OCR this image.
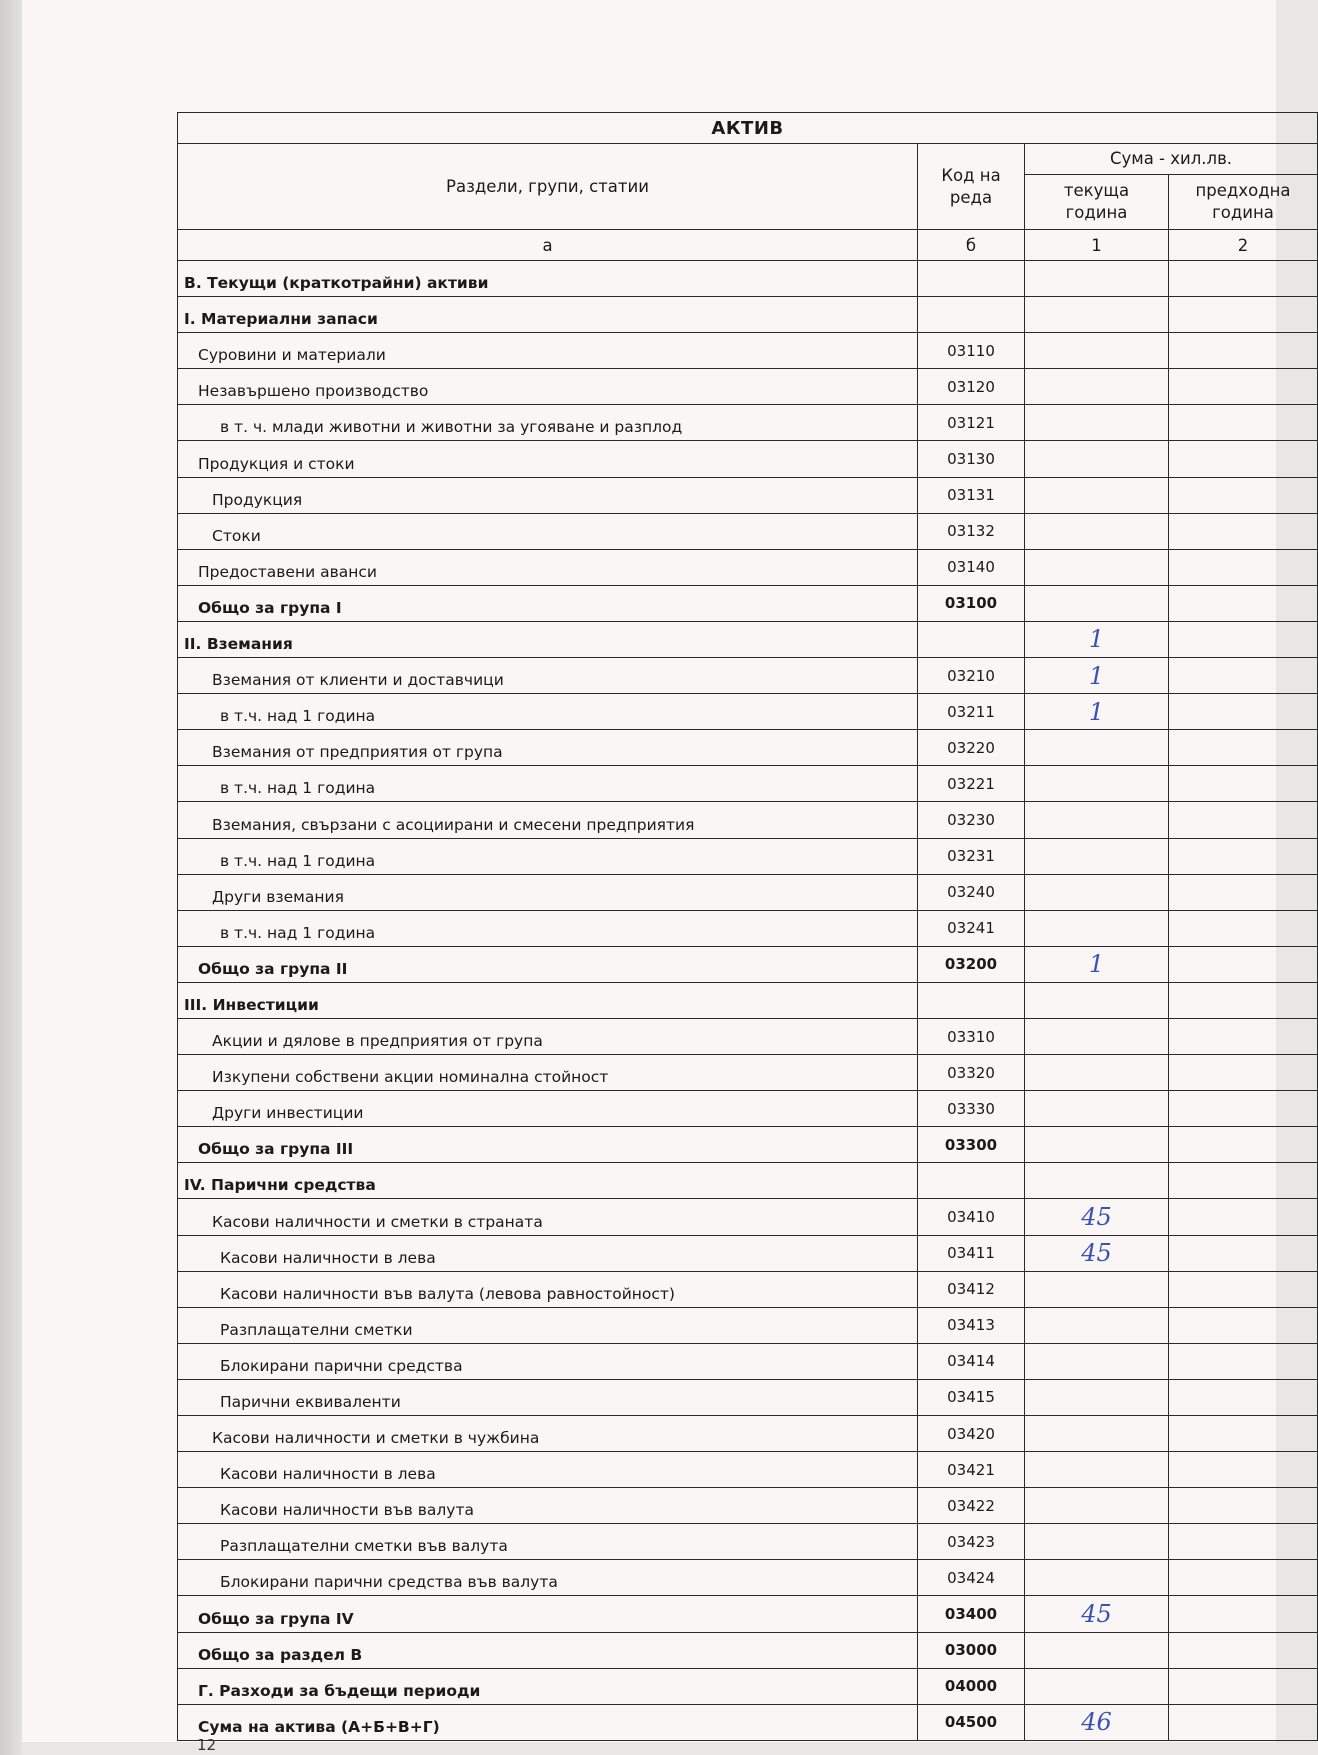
АКТИВ			
Раздели, групи, статии	Код на реда	Сума - хил.лв.	
		текуща година	предходна година
а	б	1	2
В. Текущи (краткотрайни) активи			
I. Материални запаси			
Суровини и материали	03110		
Незавършено производство	03120		
в т. ч. млади животни и животни за угояване и разплод	03121		
Продукция и стоки	03130		
Продукция	03131		
Стоки	03132		
Предоставени аванси	03140		
Общо за група I	03100		
II. Вземания		1	
Вземания от клиенти и доставчици	03210	1	
в т.ч. над 1 година	03211	1	
Вземания от предприятия от група	03220		
в т.ч. над 1 година	03221		
Вземания, свързани с асоциирани и смесени предприятия	03230		
в т.ч. над 1 година	03231		
Други вземания	03240		
в т.ч. над 1 година	03241		
Общо за група II	03200	1	
III. Инвестиции			
Акции и дялове в предприятия от група	03310		
Изкупени собствени акции номинална стойност	03320		
Други инвестиции	03330		
Общо за група III	03300		
IV. Парични средства			
Касови наличности и сметки в страната	03410	45	
Касови наличности в лева	03411	45	
Касови наличности във валута (левова равностойност)	03412		
Разплащателни сметки	03413		
Блокирани парични средства	03414		
Парични еквиваленти	03415		
Касови наличности и сметки в чужбина	03420		
Касови наличности в лева	03421		
Касови наличности във валута	03422		
Разплащателни сметки във валута	03423		
Блокирани парични средства във валута	03424		
Общо за група IV	03400	45	
Общо за раздел В	03000		
Г. Разходи за бъдещи периоди	04000		
Сума на актива (А+Б+В+Г)	04500	46	
12
